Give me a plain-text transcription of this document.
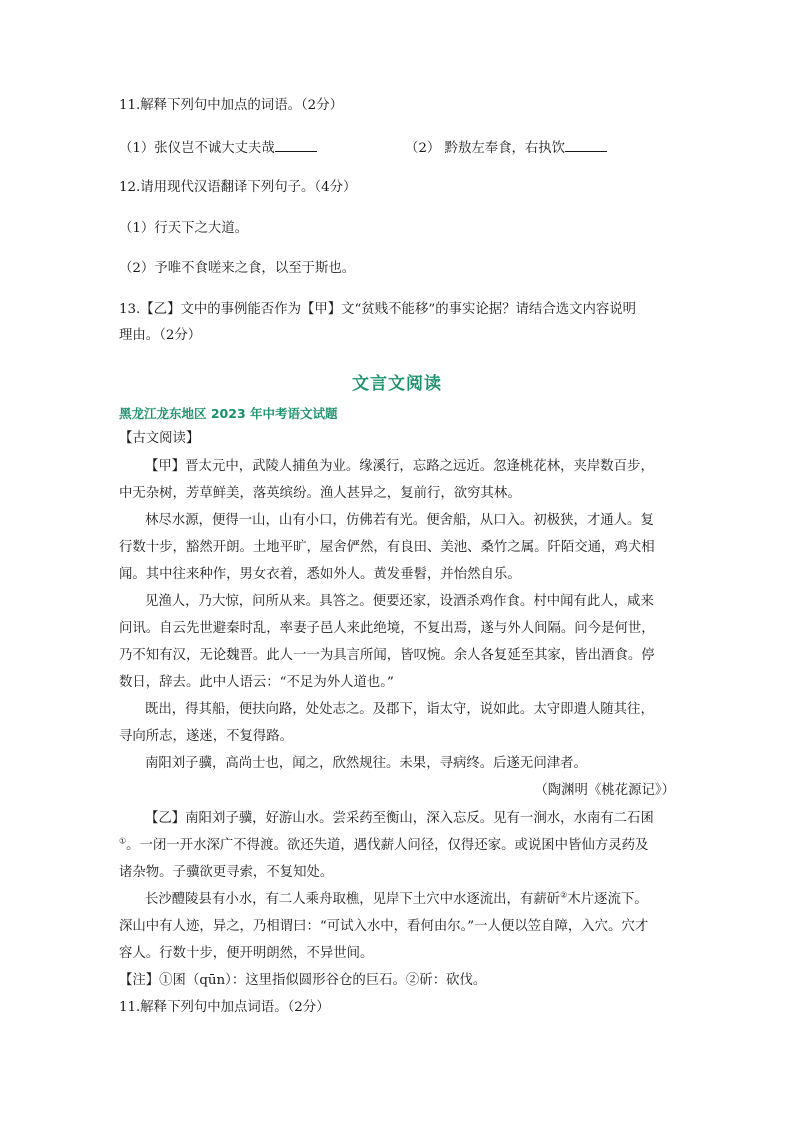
11.解释下列句中加点的词语。（2分）
（1）张仪岂不诚大丈夫哉	（2） 黔敖左奉食，右执饮
12.请用现代汉语翻译下列句子。（4分）
（1）行天下之大道。
（2）予唯不食嗟来之食，以至于斯也。
13.【乙】文中的事例能否作为【甲】文“贫贱不能移”的事实论据？请结合选文内容说明
理由。（2分）
文言文阅读
黑龙江龙东地区 2023 年中考语文试题
【古文阅读】
【甲】晋太元中，武陵人捕鱼为业。缘溪行，忘路之远近。忽逢桃花林，夹岸数百步，
中无杂树，芳草鲜美，落英缤纷。渔人甚异之，复前行，欲穷其林。
林尽水源，便得一山，山有小口，仿佛若有光。便舍船，从口入。初极狭，才通人。复
行数十步，豁然开朗。土地平旷，屋舍俨然，有良田、美池、桑竹之属。阡陌交通，鸡犬相
闻。其中往来种作，男女衣着，悉如外人。黄发垂髫，并怡然自乐。
见渔人，乃大惊，问所从来。具答之。便要还家，设酒杀鸡作食。村中闻有此人，咸来
问讯。自云先世避秦时乱，率妻子邑人来此绝境，不复出焉，遂与外人间隔。问今是何世，
乃不知有汉，无论魏晋。此人一一为具言所闻，皆叹惋。余人各复延至其家，皆出酒食。停
数日，辞去。此中人语云：“不足为外人道也。”
既出，得其船，便扶向路，处处志之。及郡下，诣太守，说如此。太守即遣人随其往，
寻向所志，遂迷，不复得路。
南阳刘子骥，高尚士也，闻之，欣然规往。未果，寻病终。后遂无问津者。
（陶渊明《桃花源记》）
【乙】南阳刘子骥，好游山水。尝采药至衡山，深入忘反。见有一涧水，水南有二石囷
①。一闭一开水深广不得渡。欲还失道，遇伐薪人问径，仅得还家。或说囷中皆仙方灵药及
诸杂物。子骥欲更寻索，不复知处。
长沙醴陵县有小水，有二人乘舟取樵，见岸下土穴中水逐流出，有薪斫②木片逐流下。
深山中有人迹，异之，乃相谓曰：“可试入水中，看何由尔。”一人便以笠自障，入穴。穴才
容人。行数十步，便开明朗然，不异世间。
【注】①囷（qūn）：这里指似圆形谷仓的巨石。②斫：砍伐。
11.解释下列句中加点词语。（2分）
